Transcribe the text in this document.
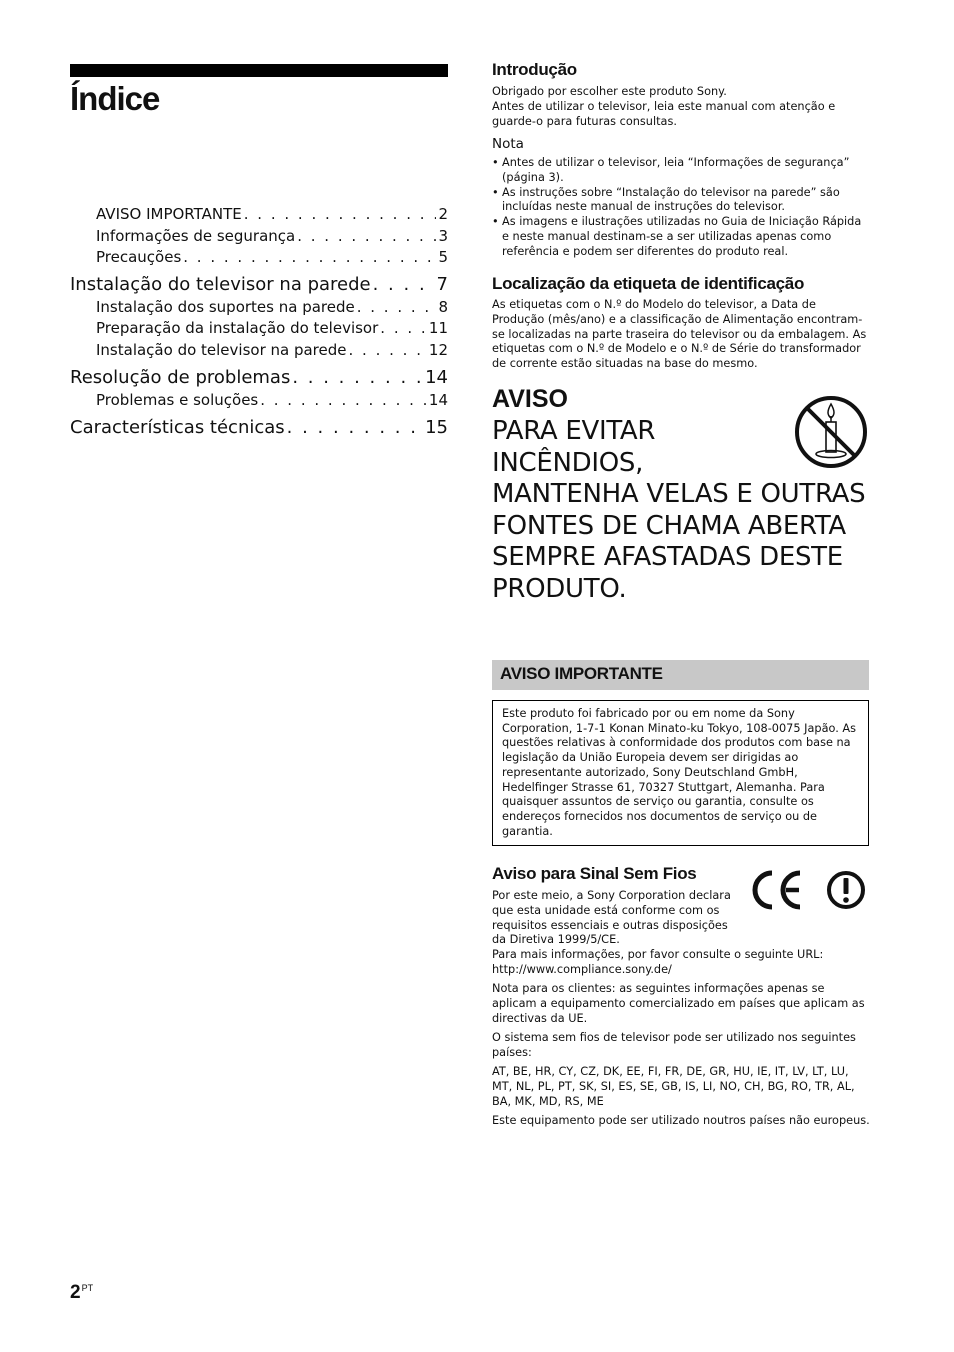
Índice
AVISO IMPORTANTE . . .	2
Informações de segurança . . .	3
Precauções . . .	5
Instalação do televisor na parede . . .	7
Instalação dos suportes na parede . . .	8
Preparação da instalação do televisor . . .	11
Instalação do televisor na parede . . .	12
Resolução de problemas . . .	14
Problemas e soluções . . .	14
Características técnicas . . .	15
Introdução
Obrigado por escolher este produto Sony.
Antes de utilizar o televisor, leia este manual com atenção e guarde-o para futuras consultas.
Nota
• Antes de utilizar o televisor, leia “Informações de segurança” (página 3).
• As instruções sobre “Instalação do televisor na parede” são incluídas neste manual de instruções do televisor.
• As imagens e ilustrações utilizadas no Guia de Iniciação Rápida e neste manual destinam-se a ser utilizadas apenas como referência e podem ser diferentes do produto real.
Localização da etiqueta de identificação
As etiquetas com o N.º do Modelo do televisor, a Data de Produção (mês/ano) e a classificação de Alimentação encontram-se localizadas na parte traseira do televisor ou da embalagem. As etiquetas com o N.º de Modelo e o N.º de Série do transformador de corrente estão situadas na base do mesmo.
AVISO
PARA EVITAR
INCÊNDIOS,
MANTENHA VELAS E OUTRAS
FONTES DE CHAMA ABERTA
SEMPRE AFASTADAS DESTE
PRODUTO.
AVISO IMPORTANTE

Este produto foi fabricado por ou em nome da Sony Corporation, 1-7-1 Konan Minato-ku Tokyo, 108-0075 Japão. As questões relativas à conformidade dos produtos com base na legislação da União Europeia devem ser dirigidas ao representante autorizado, Sony Deutschland GmbH, Hedelfinger Strasse 61, 70327 Stuttgart, Alemanha. Para quaisquer assuntos de serviço ou garantia, consulte os endereços fornecidos nos documentos de serviço ou de garantia.

Aviso para Sinal Sem Fios
Por este meio, a Sony Corporation declara
que esta unidade está conforme com os
requisitos essenciais e outras disposições
da Diretiva 1999/5/CE.
Para mais informações, por favor consulte o seguinte URL:
http://www.compliance.sony.de/
Nota para os clientes: as seguintes informações apenas se aplicam a equipamento comercializado em países que aplicam as directivas da UE.
O sistema sem fios de televisor pode ser utilizado nos seguintes países:
AT, BE, HR, CY, CZ, DK, EE, FI, FR, DE, GR, HU, IE, IT, LV, LT, LU, MT, NL, PL, PT, SK, SI, ES, SE, GB, IS, LI, NO, CH, BG, RO, TR, AL, BA, MK, MD, RS, ME
Este equipamento pode ser utilizado noutros países não europeus.
$2^{PT}$
